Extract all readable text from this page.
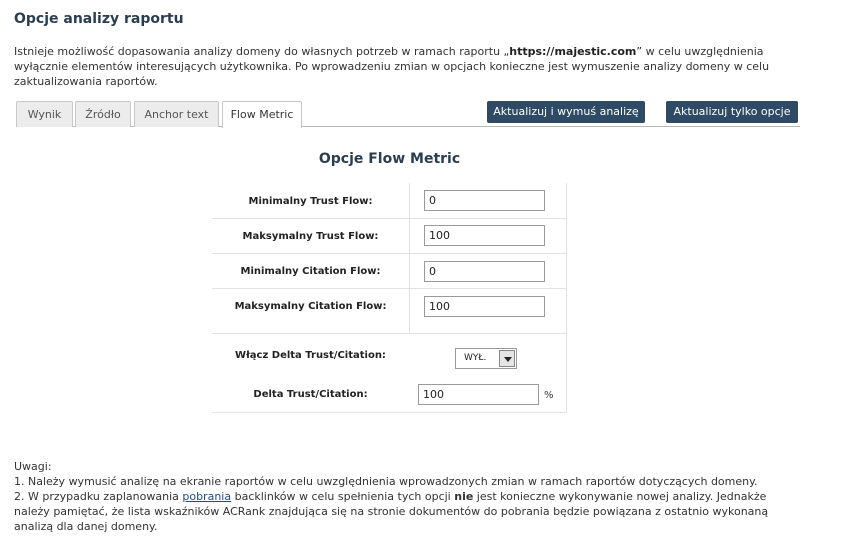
Opcje analizy raportu
Istnieje możliwość dopasowania analizy domeny do własnych potrzeb w ramach raportu „https://majestic.com” w celu uwzględnienia wyłącznie elementów interesujących użytkownika. Po wprowadzeniu zmian w opcjach konieczne jest wymuszenie analizy domeny w celu zaktualizowania raportów.
Wynik	Źródło	Anchor text	Flow Metric	Aktualizuj i wymuś analizę	Aktualizuj tylko opcje
Opcje Flow Metric
Minimalny Trust Flow:	0
Maksymalny Trust Flow:	100
Minimalny Citation Flow:	0
Maksymalny Citation Flow:	100
Włącz Delta Trust/Citation:	WYŁ.
Delta Trust/Citation:	100	%
Uwagi:
1. Należy wymusić analizę na ekranie raportów w celu uwzględnienia wprowadzonych zmian w ramach raportów dotyczących domeny.
2. W przypadku zaplanowania pobrania backlinków w celu spełnienia tych opcji nie jest konieczne wykonywanie nowej analizy. Jednakże należy pamiętać, że lista wskaźników ACRank znajdująca się na stronie dokumentów do pobrania będzie powiązana z ostatnio wykonaną analizą dla danej domeny.
